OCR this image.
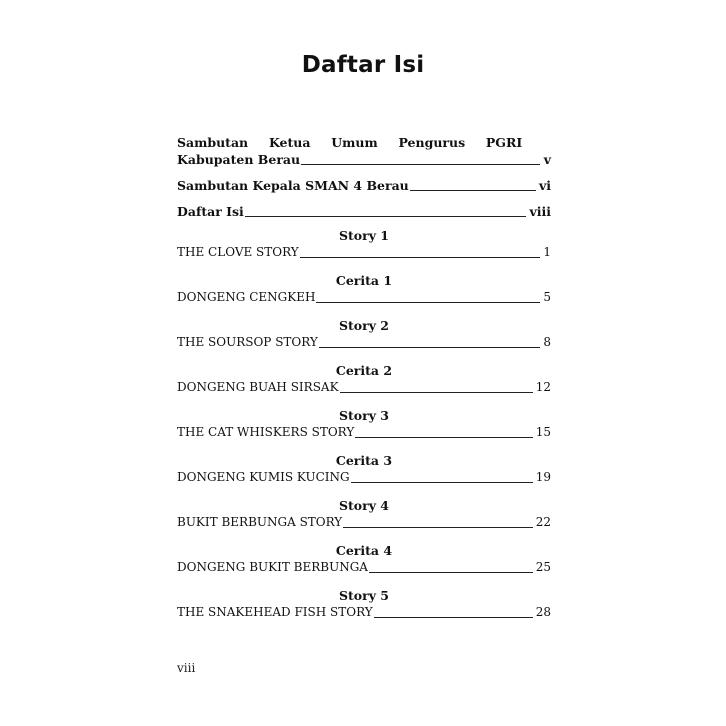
Daftar Isi
Sambutan Ketua Umum Pengurus PGRI
Kabupaten Berau	v
Sambutan Kepala SMAN 4 Berau	vi
Daftar Isi	viii
Story 1
THE CLOVE STORY	1
Cerita 1
DONGENG CENGKEH	5
Story 2
THE SOURSOP STORY	8
Cerita 2
DONGENG BUAH SIRSAK	12
Story 3
THE CAT WHISKERS STORY	15
Cerita 3
DONGENG KUMIS KUCING	19
Story 4
BUKIT BERBUNGA STORY	22
Cerita 4
DONGENG BUKIT BERBUNGA	25
Story 5
THE SNAKEHEAD FISH STORY	28
viii
